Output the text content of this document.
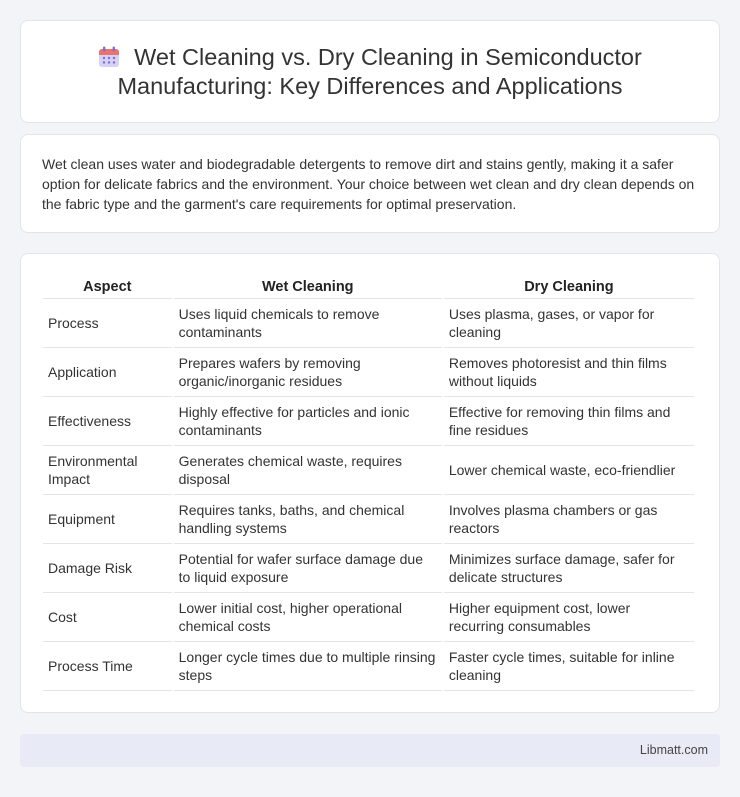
Wet Cleaning vs. Dry Cleaning in Semiconductor Manufacturing: Key Differences and Applications

Wet clean uses water and biodegradable detergents to remove dirt and stains gently, making it a safer option for delicate fabrics and the environment. Your choice between wet clean and dry clean depends on the fabric type and the garment's care requirements for optimal preservation.

Aspect	Wet Cleaning	Dry Cleaning
Process	Uses liquid chemicals to remove contaminants	Uses plasma, gases, or vapor for cleaning
Application	Prepares wafers by removing organic/inorganic residues	Removes photoresist and thin films without liquids
Effectiveness	Highly effective for particles and ionic contaminants	Effective for removing thin films and fine residues
Environmental Impact	Generates chemical waste, requires disposal	Lower chemical waste, eco-friendlier
Equipment	Requires tanks, baths, and chemical handling systems	Involves plasma chambers or gas reactors
Damage Risk	Potential for wafer surface damage due to liquid exposure	Minimizes surface damage, safer for delicate structures
Cost	Lower initial cost, higher operational chemical costs	Higher equipment cost, lower recurring consumables
Process Time	Longer cycle times due to multiple rinsing steps	Faster cycle times, suitable for inline cleaning
Libmatt.com
